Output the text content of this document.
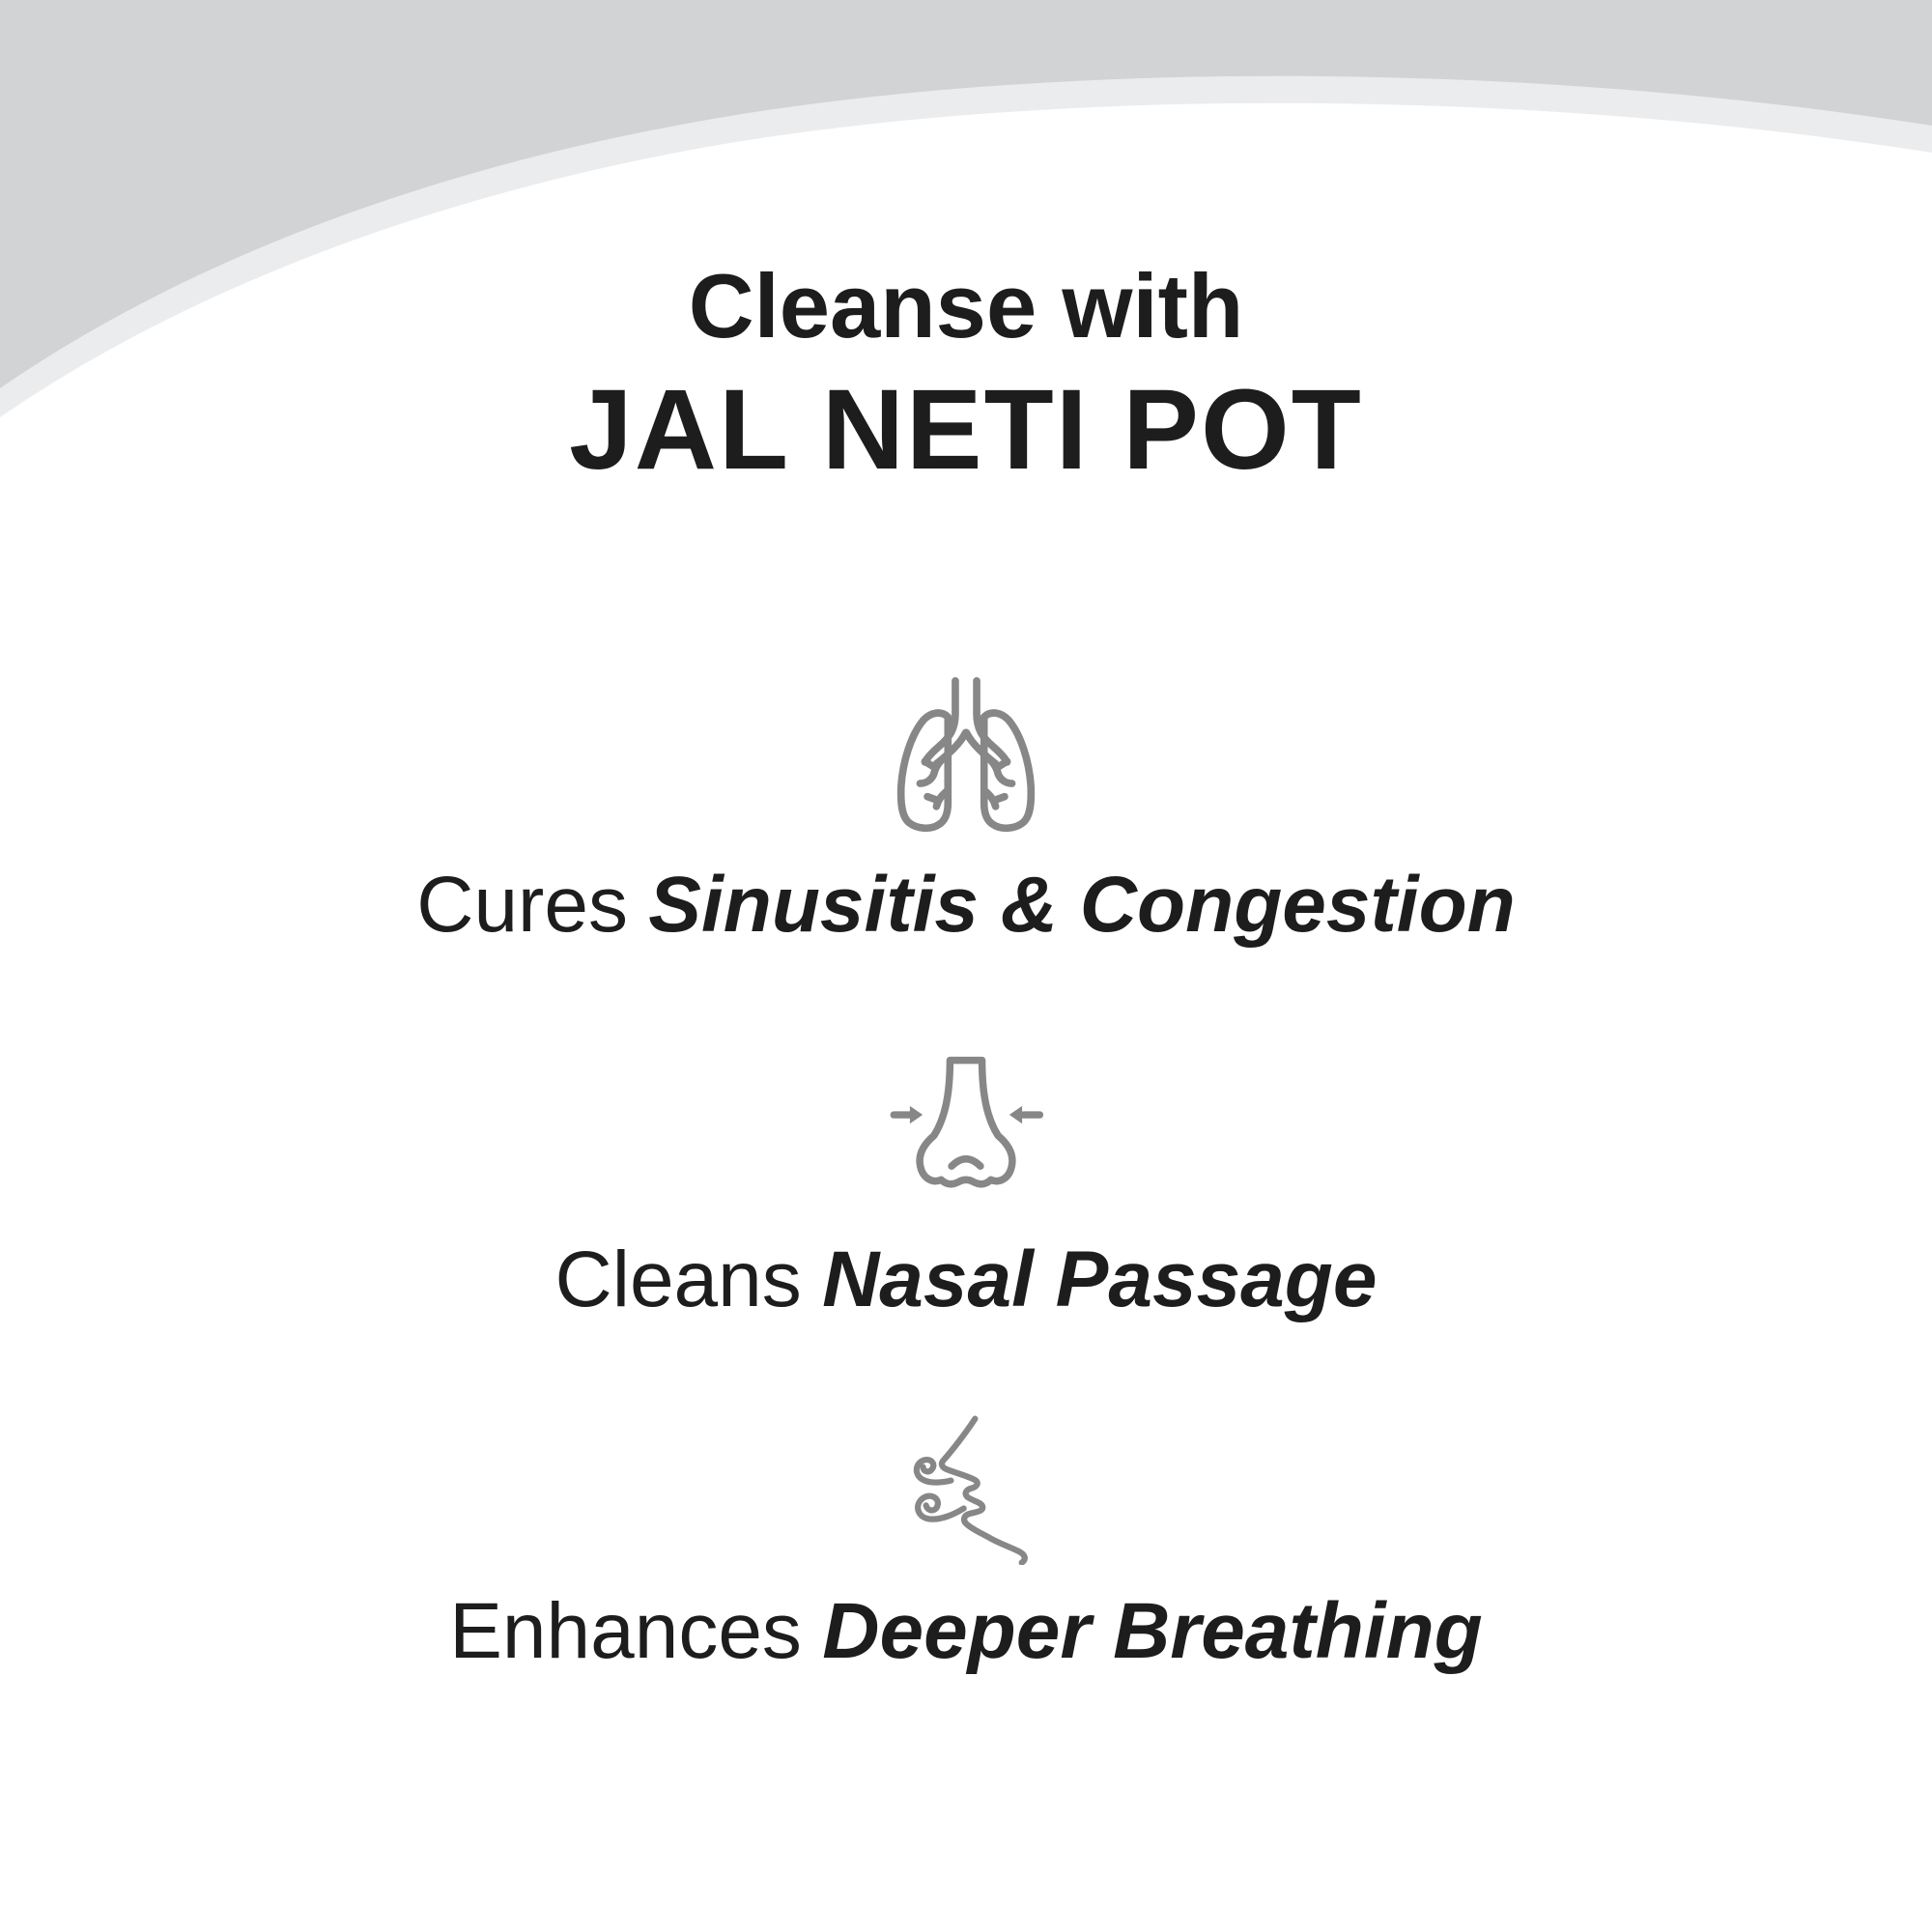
Cleanse with
JAL NETI POT

Cures Sinusitis & Congestion

Cleans Nasal Passage

Enhances Deeper Breathing
